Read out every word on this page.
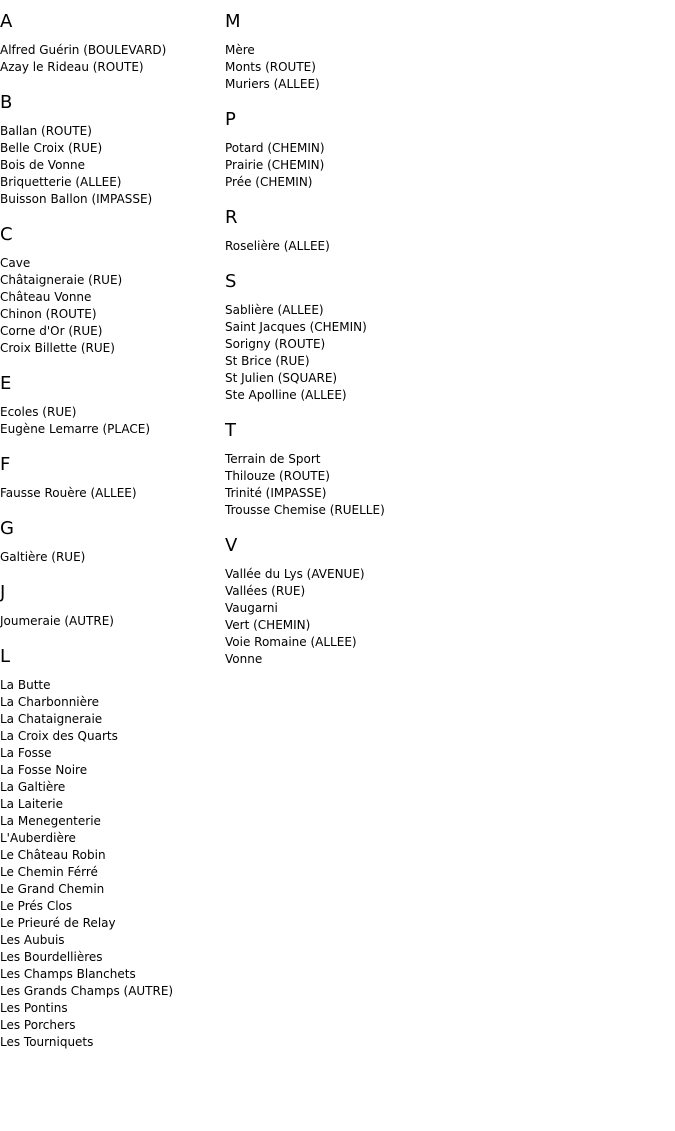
A
Alfred Guérin (BOULEVARD)
Azay le Rideau (ROUTE)
B
Ballan (ROUTE)
Belle Croix (RUE)
Bois de Vonne
Briquetterie (ALLEE)
Buisson Ballon (IMPASSE)
C
Cave
Châtaigneraie (RUE)
Château Vonne
Chinon (ROUTE)
Corne d'Or (RUE)
Croix Billette (RUE)
E
Ecoles (RUE)
Eugène Lemarre (PLACE)
F
Fausse Rouère (ALLEE)
G
Galtière (RUE)
J
Joumeraie (AUTRE)
L
La Butte
La Charbonnière
La Chataigneraie
La Croix des Quarts
La Fosse
La Fosse Noire
La Galtière
La Laiterie
La Menegenterie
L'Auberdière
Le Château Robin
Le Chemin Férré
Le Grand Chemin
Le Prés Clos
Le Prieuré de Relay
Les Aubuis
Les Bourdellières
Les Champs Blanchets
Les Grands Champs (AUTRE)
Les Pontins
Les Porchers
Les Tourniquets
M
Mère
Monts (ROUTE)
Muriers (ALLEE)
P
Potard (CHEMIN)
Prairie (CHEMIN)
Prée (CHEMIN)
R
Roselière (ALLEE)
S
Sablière (ALLEE)
Saint Jacques (CHEMIN)
Sorigny (ROUTE)
St Brice (RUE)
St Julien (SQUARE)
Ste Apolline (ALLEE)
T
Terrain de Sport
Thilouze (ROUTE)
Trinité (IMPASSE)
Trousse Chemise (RUELLE)
V
Vallée du Lys (AVENUE)
Vallées (RUE)
Vaugarni
Vert (CHEMIN)
Voie Romaine (ALLEE)
Vonne
